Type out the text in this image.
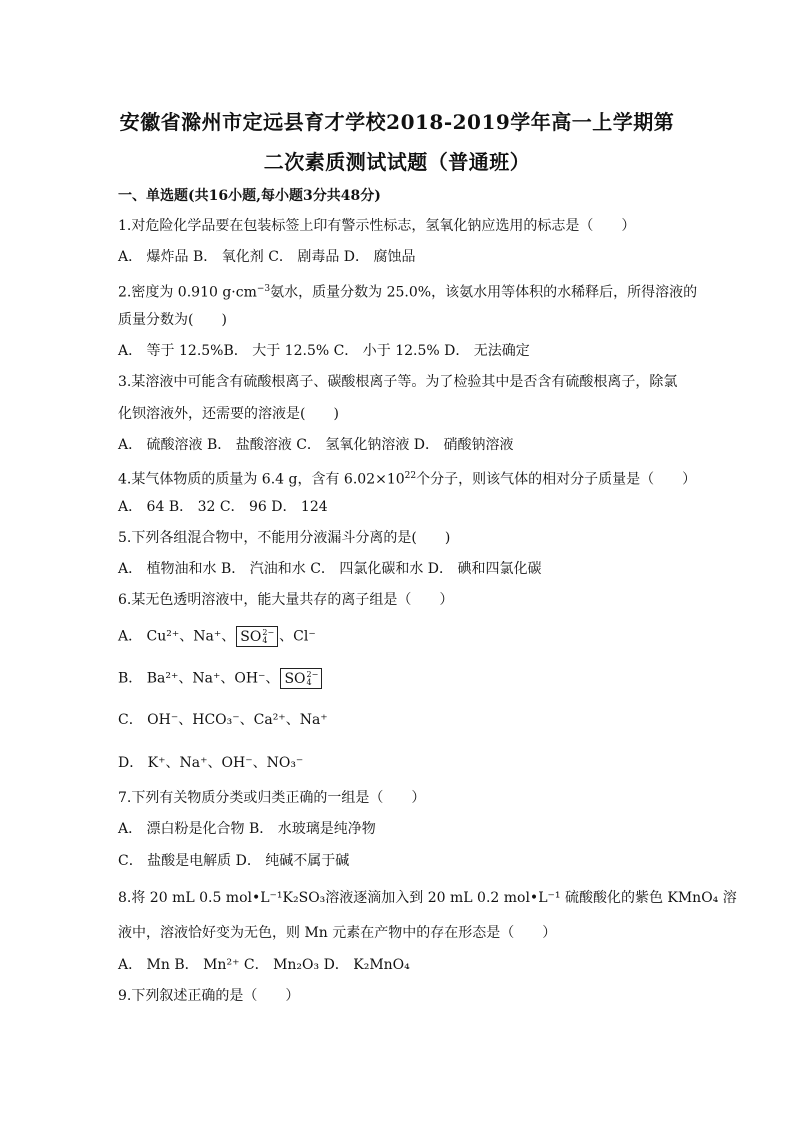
安徽省滁州市定远县育才学校2018-2019学年高一上学期第
二次素质测试试题（普通班）
一、单选题(共16小题,每小题3分共48分)
1.对危险化学品要在包装标签上印有警示性标志，氢氧化钠应选用的标志是（　　）
A． 爆炸品 B． 氧化剂 C． 剧毒品 D． 腐蚀品
2.密度为 0.910 $g\cdot cm^{-3}$氨水，质量分数为 25.0%，该氨水用等体积的水稀释后，所得溶液的
质量分数为(　　)
A． 等于 12.5%B． 大于 12.5% C． 小于 12.5% D． 无法确定
3.某溶液中可能含有硫酸根离子、碳酸根离子等。为了检验其中是否含有硫酸根离子，除氯
化钡溶液外，还需要的溶液是(　　)
A． 硫酸溶液 B． 盐酸溶液 C． 氢氧化钠溶液 D． 硝酸钠溶液
4.某气体物质的质量为 6.4 g，含有 $6.02\times 10^{22}$个分子，则该气体的相对分子质量是（　　）
A． 64 B． 32 C． 96 D． 124
5.下列各组混合物中，不能用分液漏斗分离的是(　　)
A． 植物油和水 B． 汽油和水 C． 四氯化碳和水 D． 碘和四氯化碳
6.某无色透明溶液中，能大量共存的离子组是（　　）
A． Cu²⁺、Na⁺、 SO 2−
4 、Cl⁻
B． Ba²⁺、Na⁺、OH⁻、 SO 2−
4
C． OH⁻、HCO₃⁻、Ca²⁺、Na⁺
D． K⁺、Na⁺、OH⁻、NO₃⁻
7.下列有关物质分类或归类正确的一组是（　　）
A． 漂白粉是化合物 B． 水玻璃是纯净物
C． 盐酸是电解质 D． 纯碱不属于碱
8.将 20 mL 0.5 mol•L⁻¹K₂SO₃溶液逐滴加入到 20 mL 0.2 mol•L⁻¹ 硫酸酸化的紫色 KMnO₄ 溶
液中，溶液恰好变为无色，则 Mn 元素在产物中的存在形态是（　　）
A． Mn B． Mn²⁺ C． Mn₂O₃ D． K₂MnO₄
9.下列叙述正确的是（　　）
